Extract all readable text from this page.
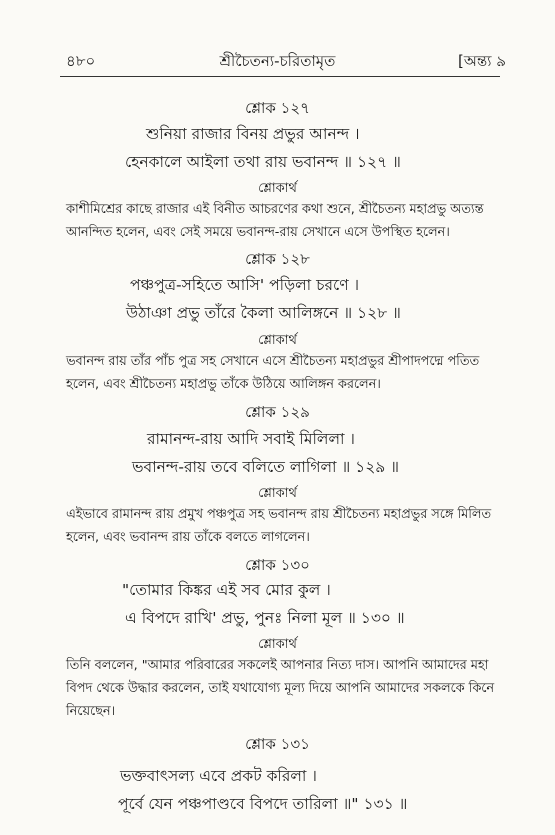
৪৮০	শ্রীচৈতন্য-চরিতামৃত	[অন্ত্য ৯
শ্লোক ১২৭
শুনিয়া রাজার বিনয় প্রভুর আনন্দ ।
হেনকালে আইলা তথা রায় ভবানন্দ ॥ ১২৭ ॥
শ্লোকার্থ
কাশীমিশ্রের কাছে রাজার এই বিনীত আচরণের কথা শুনে, শ্রীচৈতন্য মহাপ্রভু অত্যন্ত আনন্দিত হলেন, এবং সেই সময়ে ভবানন্দ-রায় সেখানে এসে উপস্থিত হলেন।
শ্লোক ১২৮
পঞ্চপুত্র-সহিতে আসি' পড়িলা চরণে ।
উঠাঞা প্রভু তাঁরে কৈলা আলিঙ্গনে ॥ ১২৮ ॥
শ্লোকার্থ
ভবানন্দ রায় তাঁর পাঁচ পুত্র সহ সেখানে এসে শ্রীচৈতন্য মহাপ্রভুর শ্রীপাদপদ্মে পতিত হলেন, এবং শ্রীচৈতন্য মহাপ্রভু তাঁকে উঠিয়ে আলিঙ্গন করলেন।
শ্লোক ১২৯
রামানন্দ-রায় আদি সবাই মিলিলা ।
ভবানন্দ-রায় তবে বলিতে লাগিলা ॥ ১২৯ ॥
শ্লোকার্থ
এইভাবে রামানন্দ রায় প্রমুখ পঞ্চপুত্র সহ ভবানন্দ রায় শ্রীচৈতন্য মহাপ্রভুর সঙ্গে মিলিত হলেন, এবং ভবানন্দ রায় তাঁকে বলতে লাগলেন।
শ্লোক ১৩০
"তোমার কিঙ্কর এই সব মোর কুল ।
এ বিপদে রাখি' প্রভু, পুনঃ নিলা মূল ॥ ১৩০ ॥
শ্লোকার্থ
তিনি বললেন, "আমার পরিবারের সকলেই আপনার নিত্য দাস। আপনি আমাদের মহা বিপদ থেকে উদ্ধার করলেন, তাই যথাযোগ্য মূল্য দিয়ে আপনি আমাদের সকলকে কিনে নিয়েছেন।
শ্লোক ১৩১
ভক্তবাৎসল্য এবে প্রকট করিলা ।
পূর্বে যেন পঞ্চপাণ্ডবে বিপদে তারিলা ॥" ১৩১ ॥
